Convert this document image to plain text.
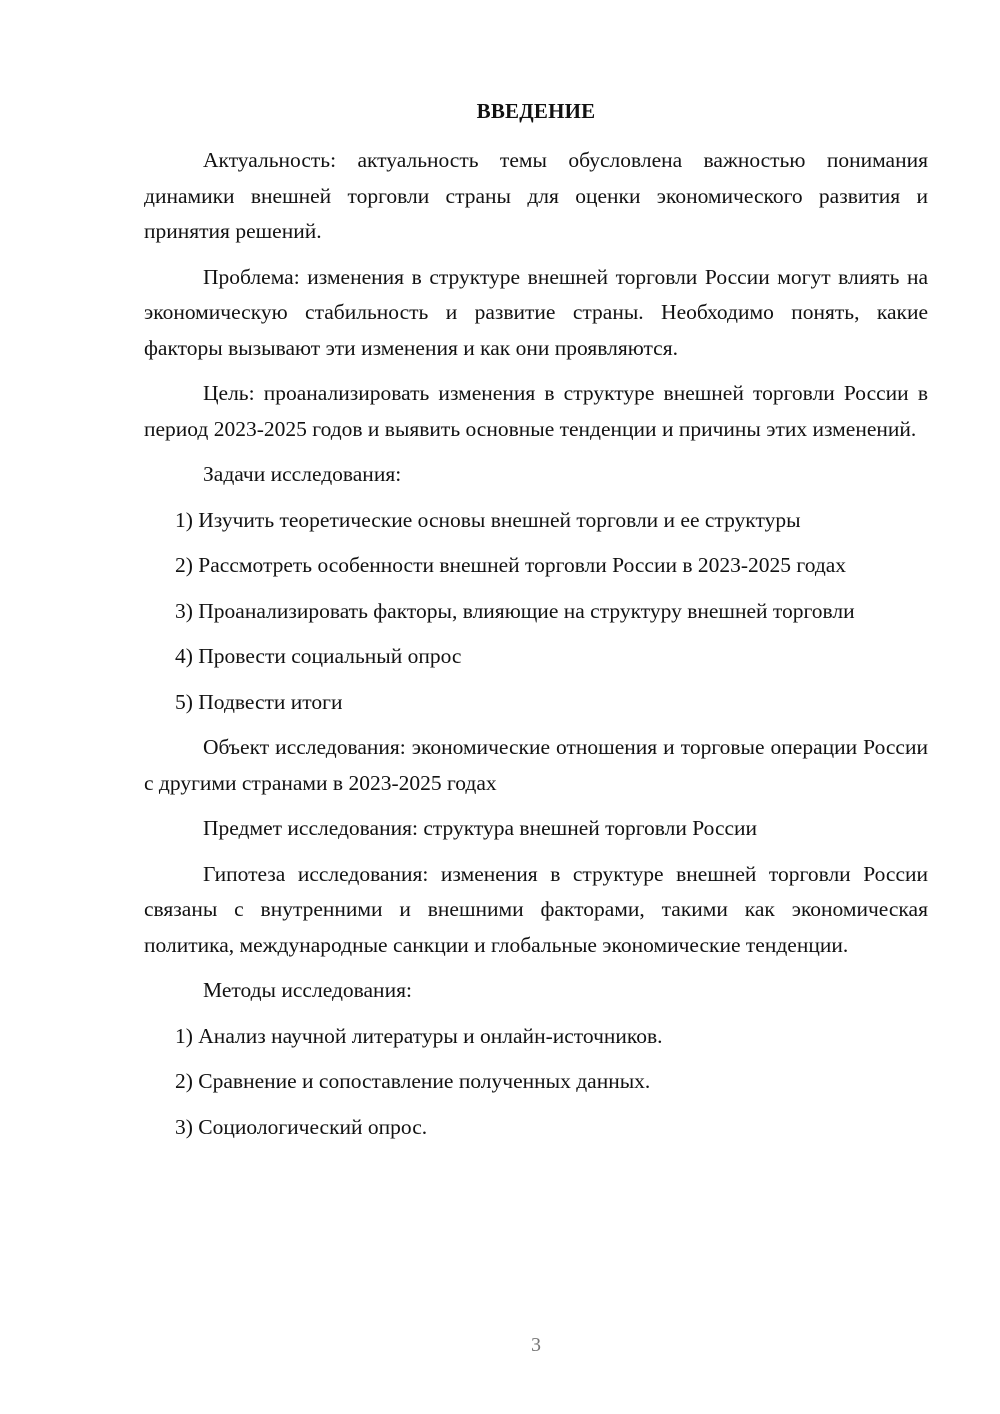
ВВЕДЕНИЕ

Актуальность: актуальность темы обусловлена важностью понимания динамики внешней торговли страны для оценки экономического развития и принятия решений.

Проблема: изменения в структуре внешней торговли России могут влиять на экономическую стабильность и развитие страны. Необходимо понять, какие факторы вызывают эти изменения и как они проявляются.

Цель: проанализировать изменения в структуре внешней торговли России в период 2023-2025 годов и выявить основные тенденции и причины этих изменений.

Задачи исследования:

1) Изучить теоретические основы внешней торговли и ее структуры

2) Рассмотреть особенности внешней торговли России в 2023-2025 годах

3) Проанализировать факторы, влияющие на структуру внешней торговли

4) Провести социальный опрос

5) Подвести итоги

Объект исследования: экономические отношения и торговые операции России с другими странами в 2023-2025 годах

Предмет исследования: структура внешней торговли России

Гипотеза исследования: изменения в структуре внешней торговли России связаны с внутренними и внешними факторами, такими как экономическая политика, международные санкции и глобальные экономические тенденции.

Методы исследования:

1) Анализ научной литературы и онлайн-источников.

2) Сравнение и сопоставление полученных данных.

3) Социологический опрос.

3
